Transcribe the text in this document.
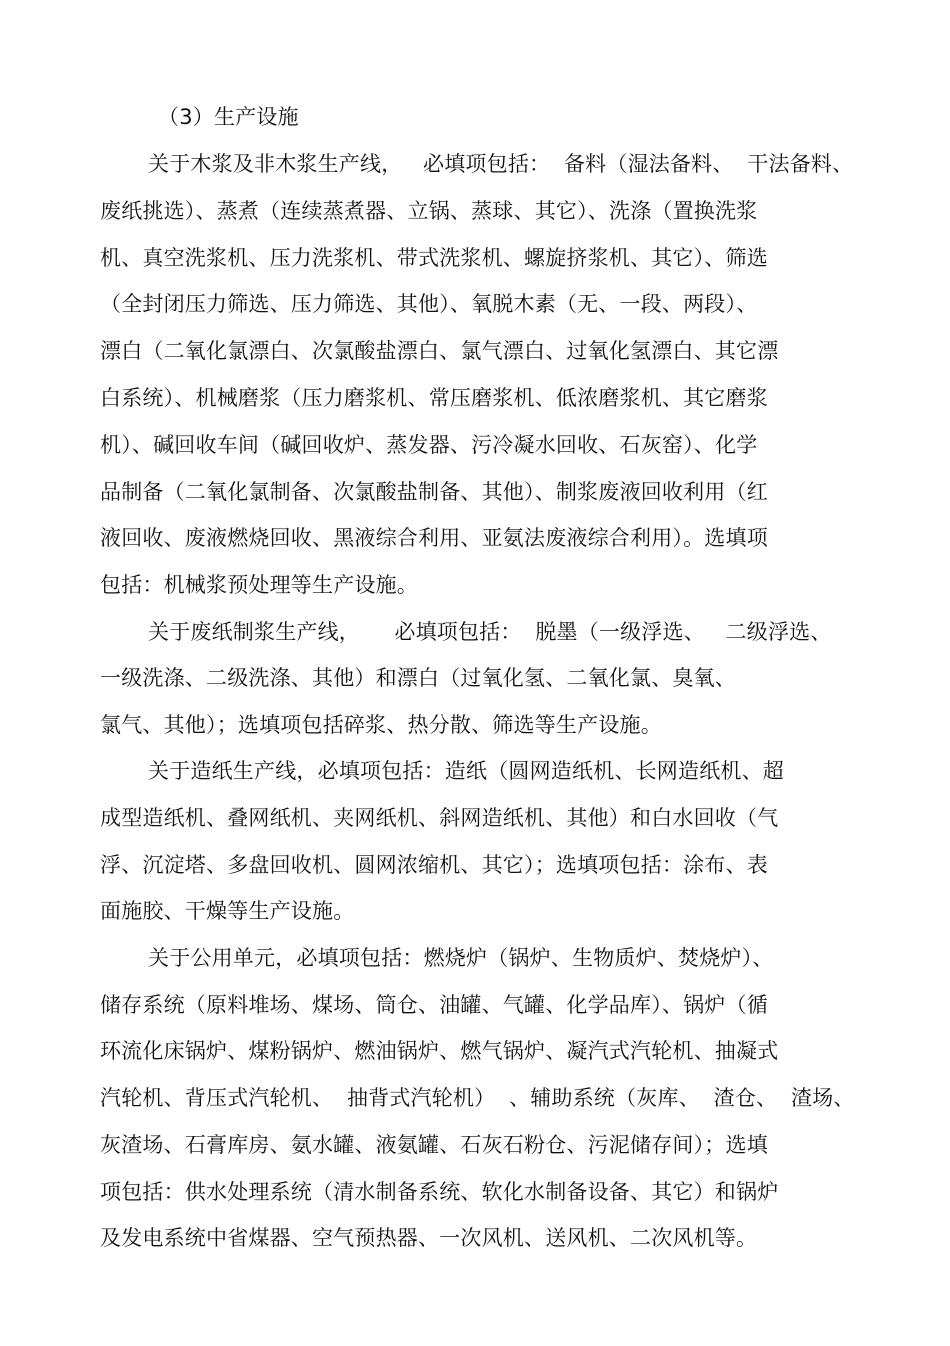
（3）生产设施
关于木浆及非木浆生产线，   必填项包括：  备料（湿法备料、  干法备料、
废纸挑选）、蒸煮（连续蒸煮器、立锅、蒸球、其它）、洗涤（置换洗浆
机、真空洗浆机、压力洗浆机、带式洗浆机、螺旋挤浆机、其它）、筛选
（全封闭压力筛选、压力筛选、其他）、氧脱木素（无、一段、两段）、
漂白（二氧化氯漂白、次氯酸盐漂白、氯气漂白、过氧化氢漂白、其它漂
白系统）、机械磨浆（压力磨浆机、常压磨浆机、低浓磨浆机、其它磨浆
机）、碱回收车间（碱回收炉、蒸发器、污冷凝水回收、石灰窑）、化学
品制备（二氧化氯制备、次氯酸盐制备、其他）、制浆废液回收利用（红
液回收、废液燃烧回收、黑液综合利用、亚氨法废液综合利用）。选填项
包括：机械浆预处理等生产设施。
关于废纸制浆生产线，     必填项包括：  脱墨（一级浮选、   二级浮选、
一级洗涤、二级洗涤、其他）和漂白（过氧化氢、二氧化氯、臭氧、
氯气、其他）；选填项包括碎浆、热分散、筛选等生产设施。
关于造纸生产线，必填项包括：造纸（圆网造纸机、长网造纸机、超
成型造纸机、叠网纸机、夹网纸机、斜网造纸机、其他）和白水回收（气
浮、沉淀塔、多盘回收机、圆网浓缩机、其它）；选填项包括：涂布、表
面施胶、干燥等生产设施。
关于公用单元，必填项包括：燃烧炉（锅炉、生物质炉、焚烧炉）、
储存系统（原料堆场、煤场、筒仓、油罐、气罐、化学品库）、锅炉（循
环流化床锅炉、煤粉锅炉、燃油锅炉、燃气锅炉、凝汽式汽轮机、抽凝式
汽轮机、背压式汽轮机、  抽背式汽轮机）  、辅助系统（灰库、  渣仓、  渣场、
灰渣场、石膏库房、氨水罐、液氨罐、石灰石粉仓、污泥储存间）；选填
项包括：供水处理系统（清水制备系统、软化水制备设备、其它）和锅炉
及发电系统中省煤器、空气预热器、一次风机、送风机、二次风机等。
